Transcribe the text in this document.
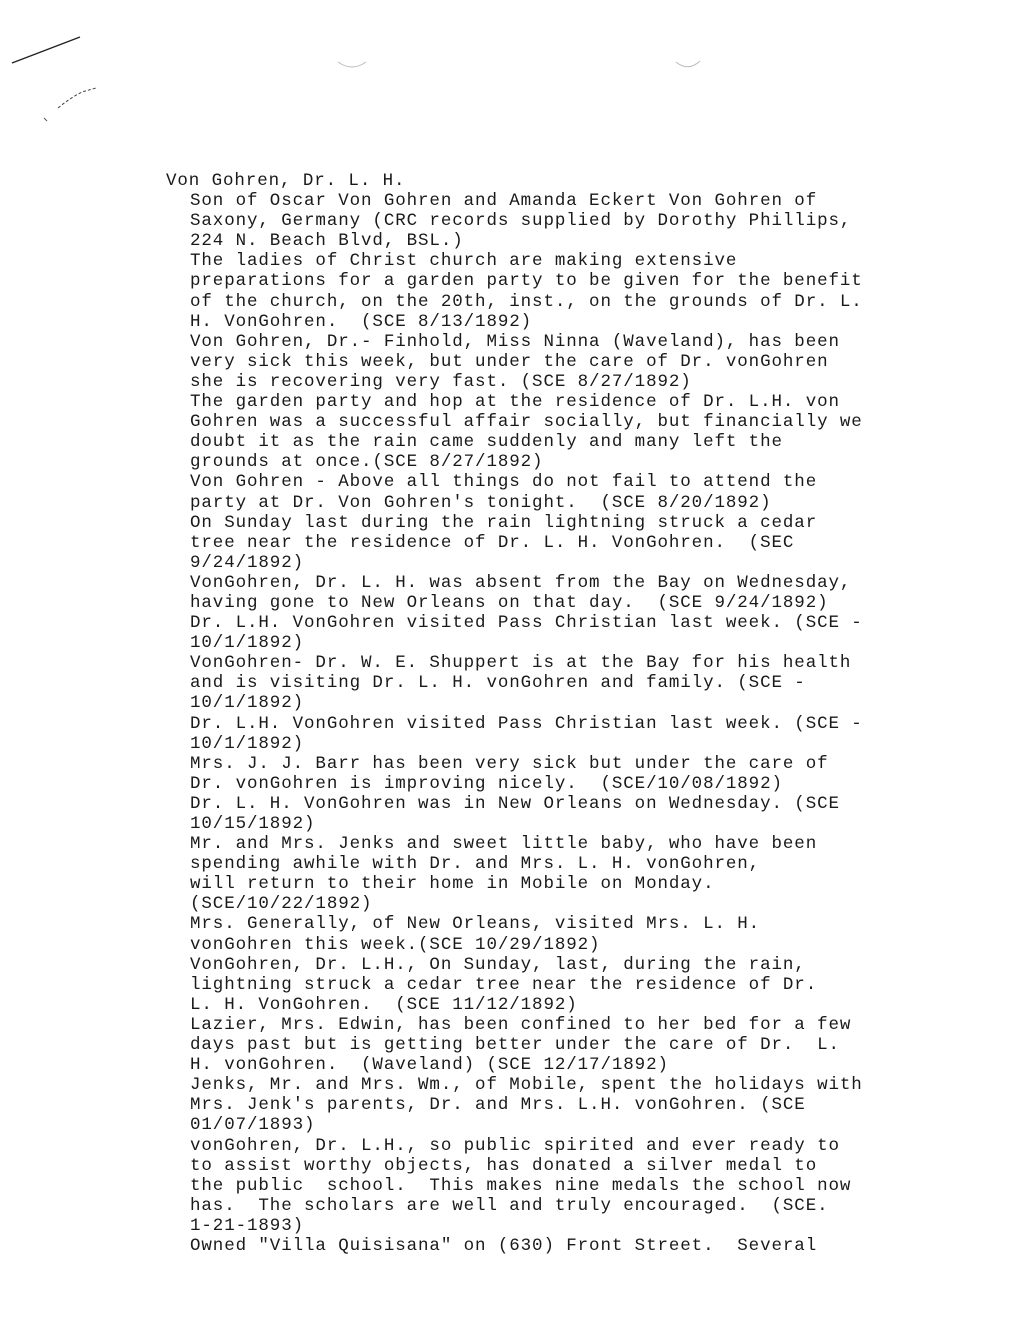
Von Gohren, Dr. L. H.
Son of Oscar Von Gohren and Amanda Eckert Von Gohren of
Saxony, Germany (CRC records supplied by Dorothy Phillips,
224 N. Beach Blvd, BSL.)
The ladies of Christ church are making extensive
preparations for a garden party to be given for the benefit
of the church, on the 20th, inst., on the grounds of Dr. L.
H. VonGohren.  (SCE 8/13/1892)
Von Gohren, Dr.- Finhold, Miss Ninna (Waveland), has been
very sick this week, but under the care of Dr. vonGohren
she is recovering very fast. (SCE 8/27/1892)
The garden party and hop at the residence of Dr. L.H. von
Gohren was a successful affair socially, but financially we
doubt it as the rain came suddenly and many left the
grounds at once.(SCE 8/27/1892)
Von Gohren - Above all things do not fail to attend the
party at Dr. Von Gohren's tonight.  (SCE 8/20/1892)
On Sunday last during the rain lightning struck a cedar
tree near the residence of Dr. L. H. VonGohren.  (SEC
9/24/1892)
VonGohren, Dr. L. H. was absent from the Bay on Wednesday,
having gone to New Orleans on that day.  (SCE 9/24/1892)
Dr. L.H. VonGohren visited Pass Christian last week. (SCE -
10/1/1892)
VonGohren- Dr. W. E. Shuppert is at the Bay for his health
and is visiting Dr. L. H. vonGohren and family. (SCE -
10/1/1892)
Dr. L.H. VonGohren visited Pass Christian last week. (SCE -
10/1/1892)
Mrs. J. J. Barr has been very sick but under the care of
Dr. vonGohren is improving nicely.  (SCE/10/08/1892)
Dr. L. H. VonGohren was in New Orleans on Wednesday. (SCE
10/15/1892)
Mr. and Mrs. Jenks and sweet little baby, who have been
spending awhile with Dr. and Mrs. L. H. vonGohren,
will return to their home in Mobile on Monday.
(SCE/10/22/1892)
Mrs. Generally, of New Orleans, visited Mrs. L. H.
vonGohren this week.(SCE 10/29/1892)
VonGohren, Dr. L.H., On Sunday, last, during the rain,
lightning struck a cedar tree near the residence of Dr.
L. H. VonGohren.  (SCE 11/12/1892)
Lazier, Mrs. Edwin, has been confined to her bed for a few
days past but is getting better under the care of Dr.  L.
H. vonGohren.  (Waveland) (SCE 12/17/1892)
Jenks, Mr. and Mrs. Wm., of Mobile, spent the holidays with
Mrs. Jenk's parents, Dr. and Mrs. L.H. vonGohren. (SCE
01/07/1893)
vonGohren, Dr. L.H., so public spirited and ever ready to
to assist worthy objects, has donated a silver medal to
the public  school.  This makes nine medals the school now
has.  The scholars are well and truly encouraged.  (SCE.
1-21-1893)
Owned "Villa Quisisana" on (630) Front Street.  Several
